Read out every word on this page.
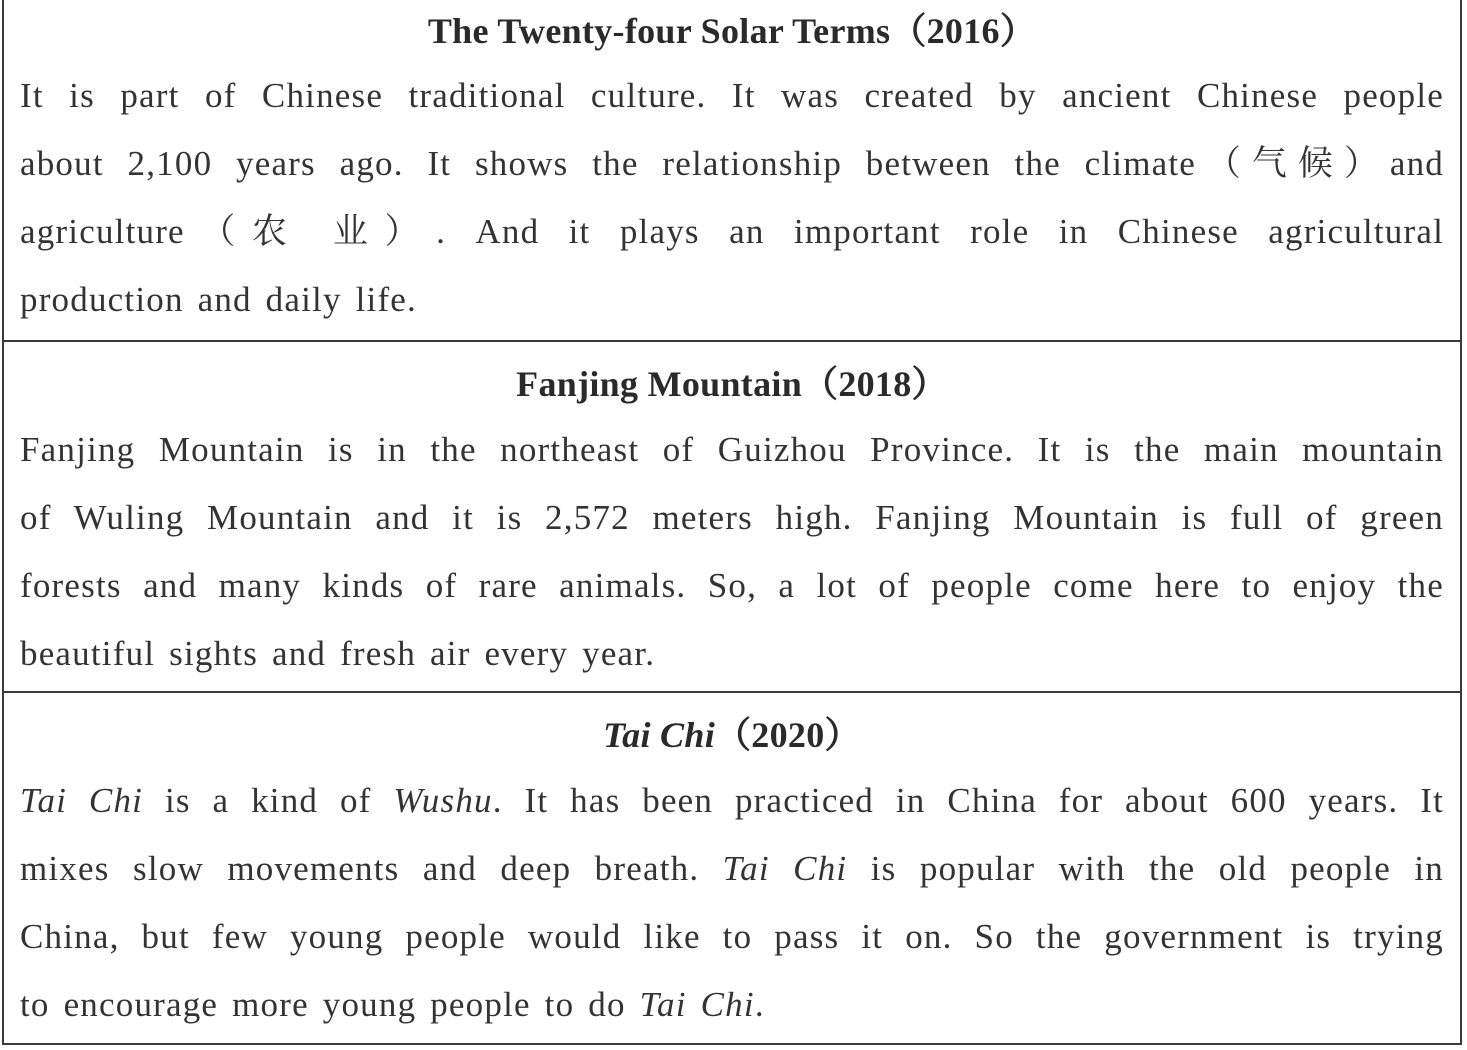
The Twenty-four Solar Terms（2016）
It is part of Chinese traditional culture. It was created by ancient Chinese people
about 2,100 years ago. It shows the relationship between the climate（气候）and
agriculture（农 业）. And it plays an important role in Chinese agricultural
production and daily life.
Fanjing Mountain（2018）
Fanjing Mountain is in the northeast of Guizhou Province. It is the main mountain
of Wuling Mountain and it is 2,572 meters high. Fanjing Mountain is full of green
forests and many kinds of rare animals. So, a lot of people come here to enjoy the
beautiful sights and fresh air every year.
Tai Chi（2020）
Tai Chi is a kind of Wushu. It has been practiced in China for about 600 years. It
mixes slow movements and deep breath. Tai Chi is popular with the old people in
China, but few young people would like to pass it on. So the government is trying
to encourage more young people to do Tai Chi.
